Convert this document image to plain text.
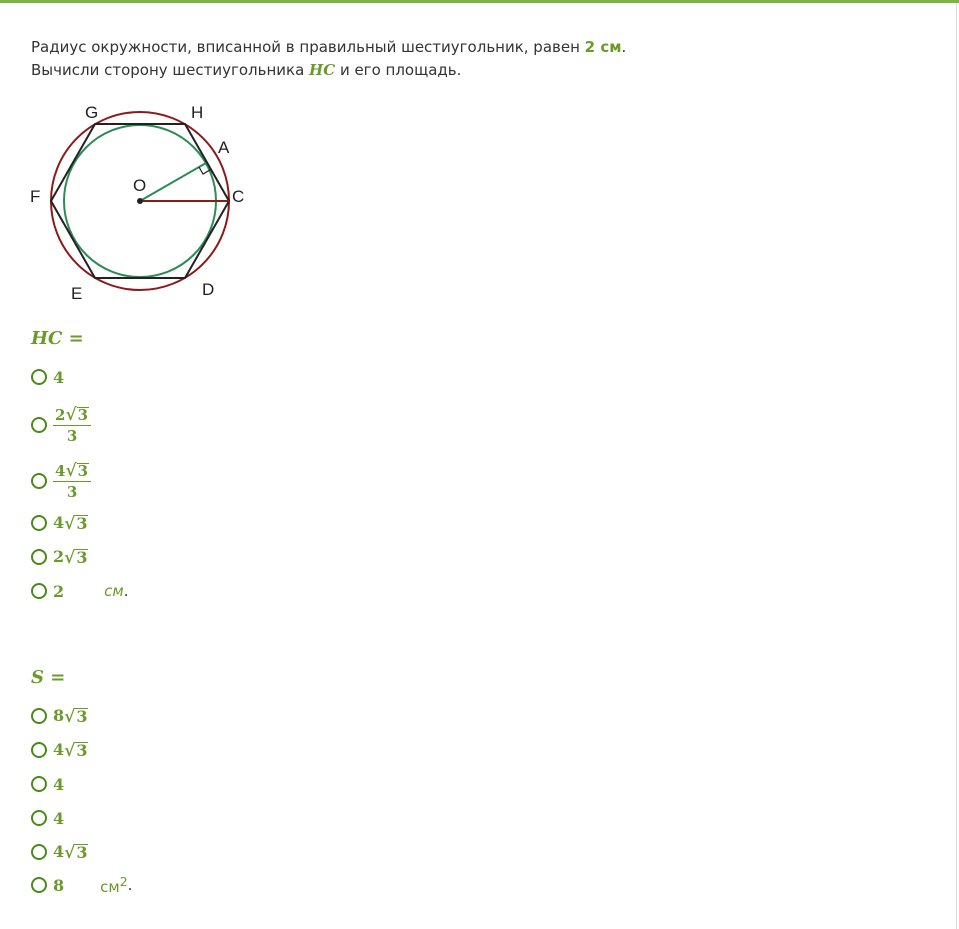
Радиус окружности, вписанной в правильный шестиугольник, равен 2 см.
Вычисли сторону шестиугольника HC и его площадь.
G	H
A
F
O
C
E	D
HC =
4
$\frac{2 √ 3}{3}$
$\frac{4 √ 3}{3}$
4 √ 3
2 √ 3
2	см .
S =
8 √ 3
4 √ 3
4
4
4 √ 3
8 $см^2$ .
